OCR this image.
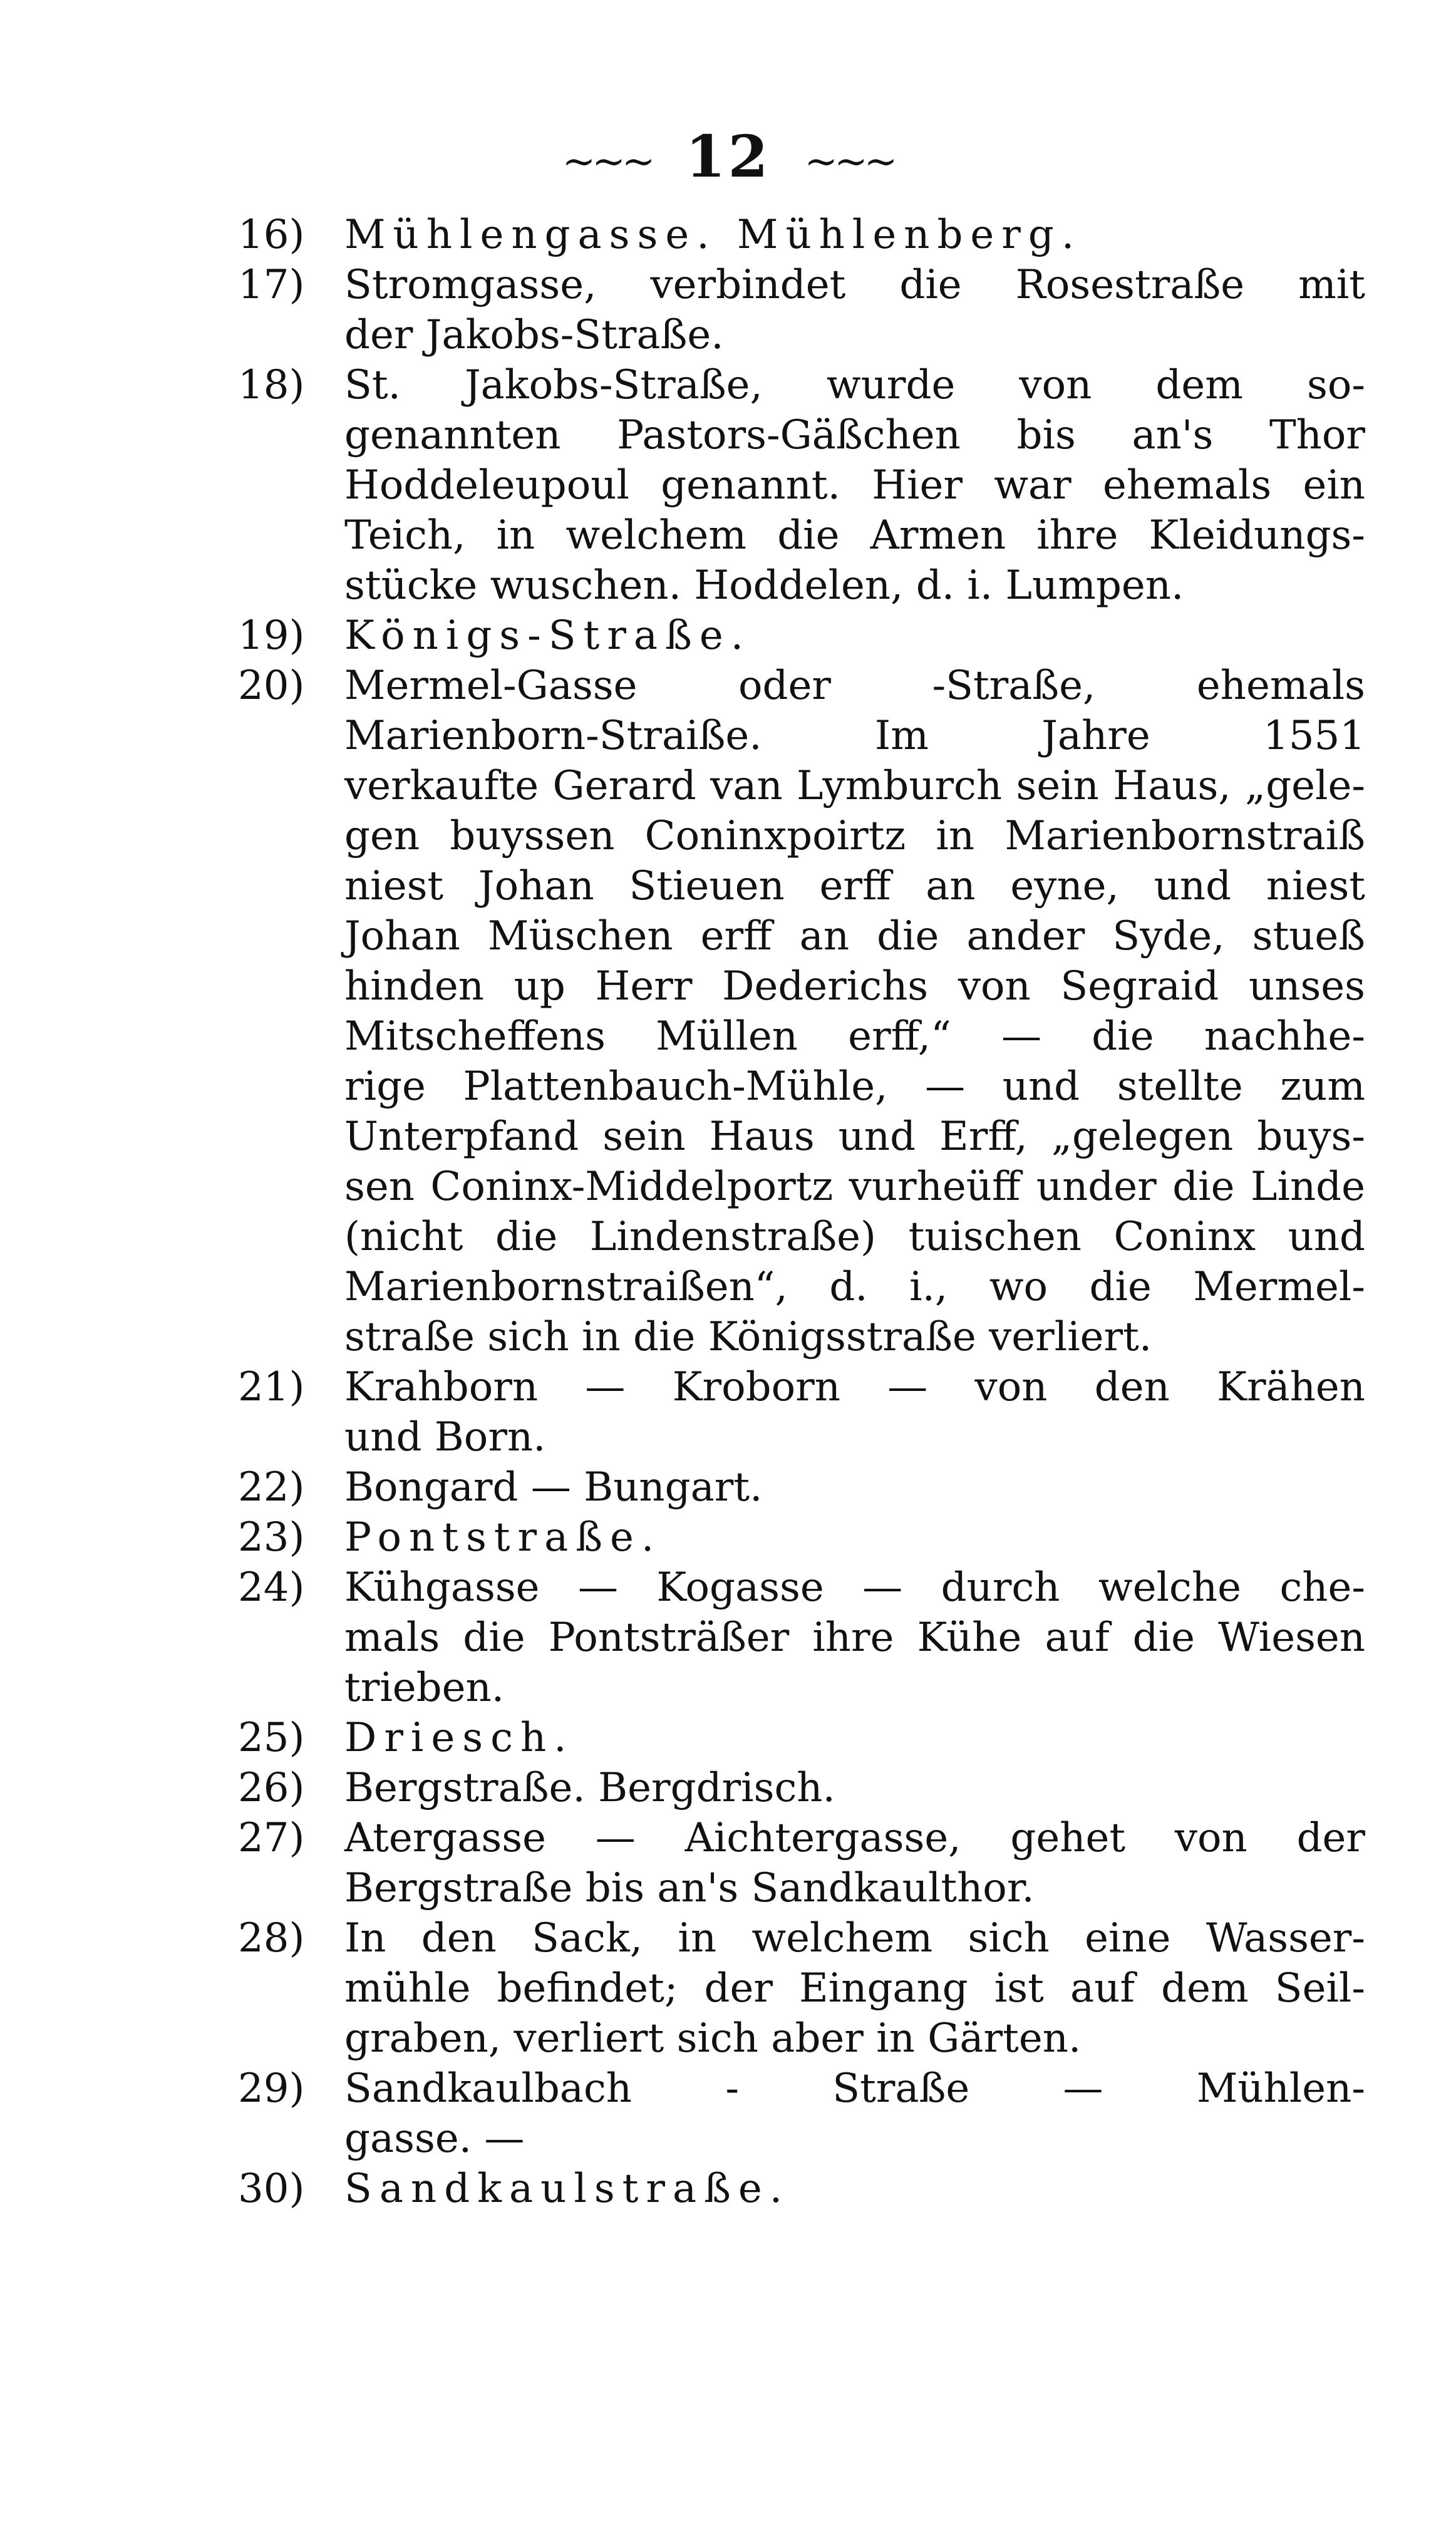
~~~ 12 ~~~
16) Mühlengasse. Mühlenberg.
17) Stromgasse, verbindet die Rosestraße mit
der Jakobs-Straße.
18) St. Jakobs-Straße, wurde von dem so-
genannten Pastors-Gäßchen bis an's Thor
Hoddeleupoul genannt. Hier war ehemals ein
Teich, in welchem die Armen ihre Kleidungs-
stücke wuschen. Hoddelen, d. i. Lumpen.
19) Königs-Straße.
20) Mermel-Gasse oder -Straße, ehemals
Marienborn-Straiße. Im Jahre 1551
verkaufte Gerard van Lymburch sein Haus, „gele-
gen buyssen Coninxpoirtz in Marienbornstraiß
niest Johan Stieuen erff an eyne, und niest
Johan Müschen erff an die ander Syde, stueß
hinden up Herr Dederichs von Segraid unses
Mitscheffens Müllen erff,“ — die nachhe-
rige Plattenbauch-Mühle, — und stellte zum
Unterpfand sein Haus und Erff, „gelegen buys-
sen Coninx-Middelportz vurheüff under die Linde
(nicht die Lindenstraße) tuischen Coninx und
Marienbornstraißen“, d. i., wo die Mermel-
straße sich in die Königsstraße verliert.
21) Krahborn — Kroborn — von den Krähen
und Born.
22) Bongard — Bungart.
23) Pontstraße.
24) Kühgasse — Kogasse — durch welche che-
mals die Pontsträßer ihre Kühe auf die Wiesen
trieben.
25) Driesch.
26) Bergstraße. Bergdrisch.
27) Atergasse — Aichtergasse, gehet von der
Bergstraße bis an's Sandkaulthor.
28) In den Sack, in welchem sich eine Wasser-
mühle befindet; der Eingang ist auf dem Seil-
graben, verliert sich aber in Gärten.
29) Sandkaulbach - Straße — Mühlen-
gasse. —
30) Sandkaulstraße.
